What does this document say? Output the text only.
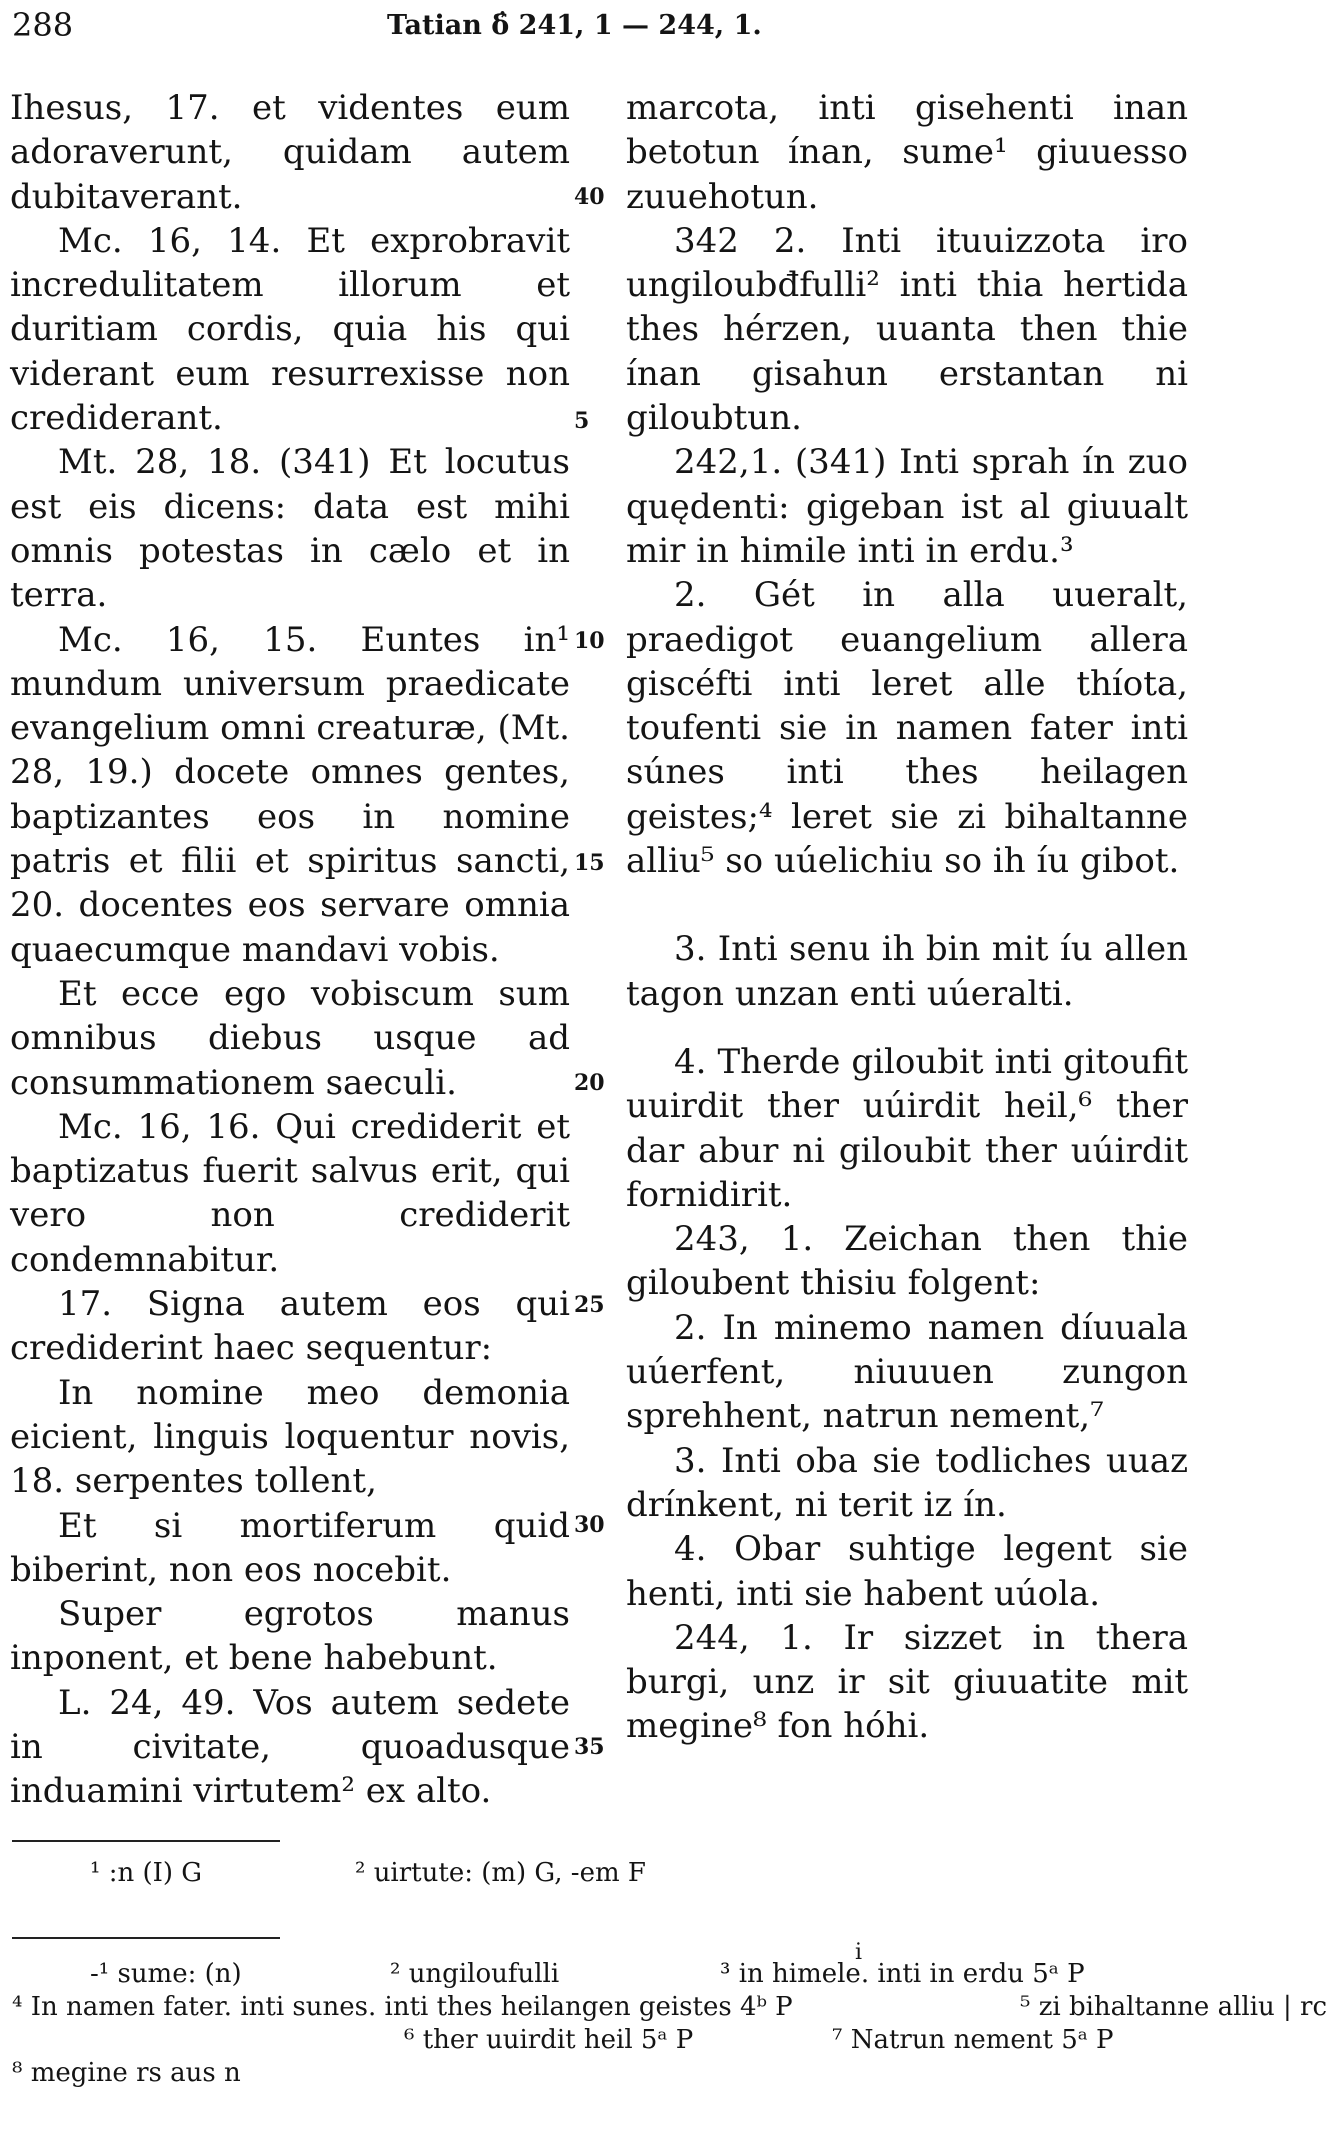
288	Tatian δ̓ 241, 1 — 244, 1.
Ihesus, 17. et videntes eum adoraverunt, quidam autem dubitaverant.
Mc. 16, 14. Et exprobravit incredulitatem illorum et duritiam cordis, quia his qui viderant eum resurrexisse non crediderant.
Mt. 28, 18. (341) Et locutus est eis dicens: data est mihi omnis potestas in cælo et in terra.
Mc. 16, 15. Euntes in¹ mundum universum praedicate evangelium omni creaturæ, (Mt. 28, 19.) docete omnes gentes, baptizantes eos in nomine patris et filii et spiritus sancti, 20. docentes eos servare omnia quaecumque mandavi vobis.
Et ecce ego vobiscum sum omnibus diebus usque ad consummationem saeculi.
Mc. 16, 16. Qui crediderit et baptizatus fuerit salvus erit, qui vero non crediderit condemnabitur.
17. Signa autem eos qui crediderint haec sequentur:
In nomine meo demonia eicient, linguis loquentur novis, 18. serpentes tollent,
Et si mortiferum quid biberint, non eos nocebit.
Super egrotos manus inponent, et bene habebunt.
L. 24, 49. Vos autem sedete in civitate, quoadusque induamini virtutem² ex alto.
40
5
10
15
20
25
30
35
marcota, inti gisehenti inan betotun ínan, sume¹ giuuesso zuuehotun.
342 2. Inti ituuizzota iro ungiloubđfulli² inti thia hertida thes hérzen, uuanta then thie ínan gisahun erstantan ni giloubtun.
242,1. (341) Inti sprah ín zuo quędenti: gigeban ist al giuualt mir in himile inti in erdu.³
2. Gét in alla uueralt, praedigot euangelium allera giscéfti inti leret alle thíota, toufenti sie in namen fater inti súnes inti thes heilagen geistes;⁴ leret sie zi bihaltanne alliu⁵ so uúelichiu so ih íu gibot.
3. Inti senu ih bin mit íu allen tagon unzan enti uúeralti.
4. Therde giloubit inti gitoufit uuirdit ther uúirdit heil,⁶ ther dar abur ni giloubit ther uúirdit fornidirit.
243, 1. Zeichan then thie giloubent thisiu folgent:
2. In minemo namen díuuala uúerfent, niuuuen zungon sprehhent, natrun nement,⁷
3. Inti oba sie todliches uuaz drínkent, ni terit iz ín.
4. Obar suhtige legent sie henti, inti sie habent uúola.
244, 1. Ir sizzet in thera burgi, unz ir sit giuuatite mit megine⁸ fon hóhi.
¹ :n (I) G	² uirtute: (m) G, -em F
i
-¹ sume: (n)	² ungiloufulli	³ in himele. inti in erdu 5ᵃ P
⁴ In namen fater. inti sunes. inti thes heilangen geistes 4ᵇ P	⁵ zi bihaltanne alliu | rc
⁶ ther uuirdit heil 5ᵃ P	⁷ Natrun nement 5ᵃ P
⁸ megine rs aus n
